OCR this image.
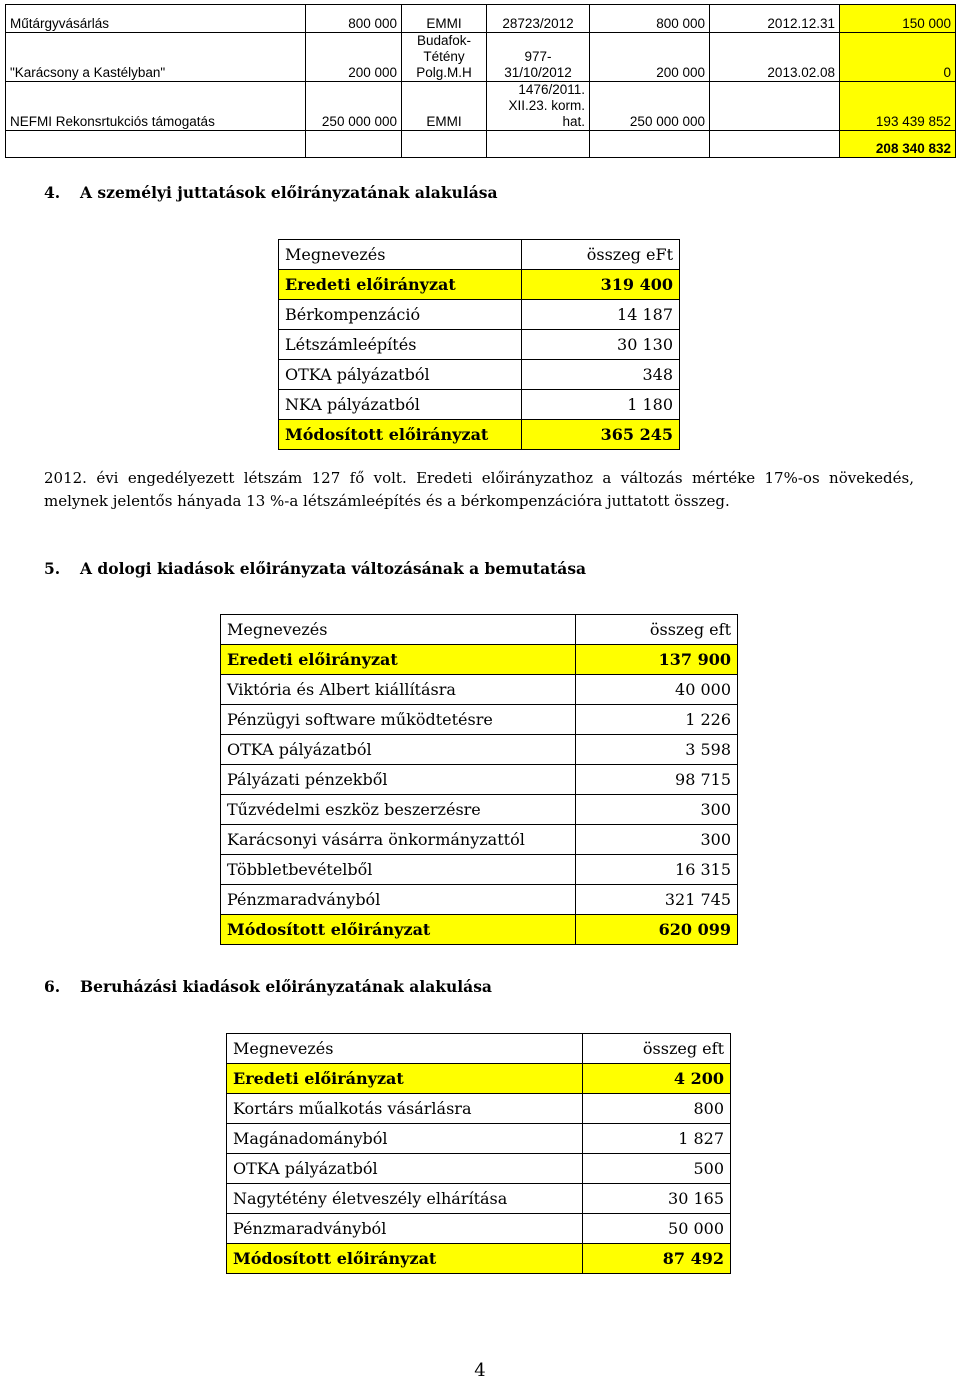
Műtárgyvásárlás	800 000	EMMI	28723/2012	800 000	2012.12.31	150 000
"Karácsony a Kastélyban"	200 000	Budafok-Tétény Polg.M.H	977-31/10/2012	200 000	2013.02.08	0
NEFMI Rekonsrtukciós támogatás	250 000 000	EMMI	1476/2011. XII.23. korm. hat.	250 000 000		193 439 852
						208 340 832
4. A személyi juttatások előirányzatának alakulása
Megnevezés	összeg eFt
Eredeti előirányzat	319 400
Bérkompenzáció	14 187
Létszámleépítés	30 130
OTKA pályázatból	348
NKA pályázatból	1 180
Módosított előirányzat	365 245
2012. évi engedélyezett létszám 127 fő volt. Eredeti előirányzathoz a változás mértéke 17%-os növekedés, melynek jelentős hányada 13 %-a létszámleépítés és a bérkompenzációra juttatott összeg.
5. A dologi kiadások előirányzata változásának a bemutatása
Megnevezés	összeg eft
Eredeti előirányzat	137 900
Viktória és Albert kiállításra	40 000
Pénzügyi software működtetésre	1 226
OTKA pályázatból	3 598
Pályázati pénzekből	98 715
Tűzvédelmi eszköz beszerzésre	300
Karácsonyi vásárra önkormányzattól	300
Többletbevételből	16 315
Pénzmaradványból	321 745
Módosított előirányzat	620 099
6. Beruházási kiadások előirányzatának alakulása
Megnevezés	összeg eft
Eredeti előirányzat	4 200
Kortárs műalkotás vásárlásra	800
Magánadományból	1 827
OTKA pályázatból	500
Nagytétény életveszély elhárítása	30 165
Pénzmaradványból	50 000
Módosított előirányzat	87 492
4
